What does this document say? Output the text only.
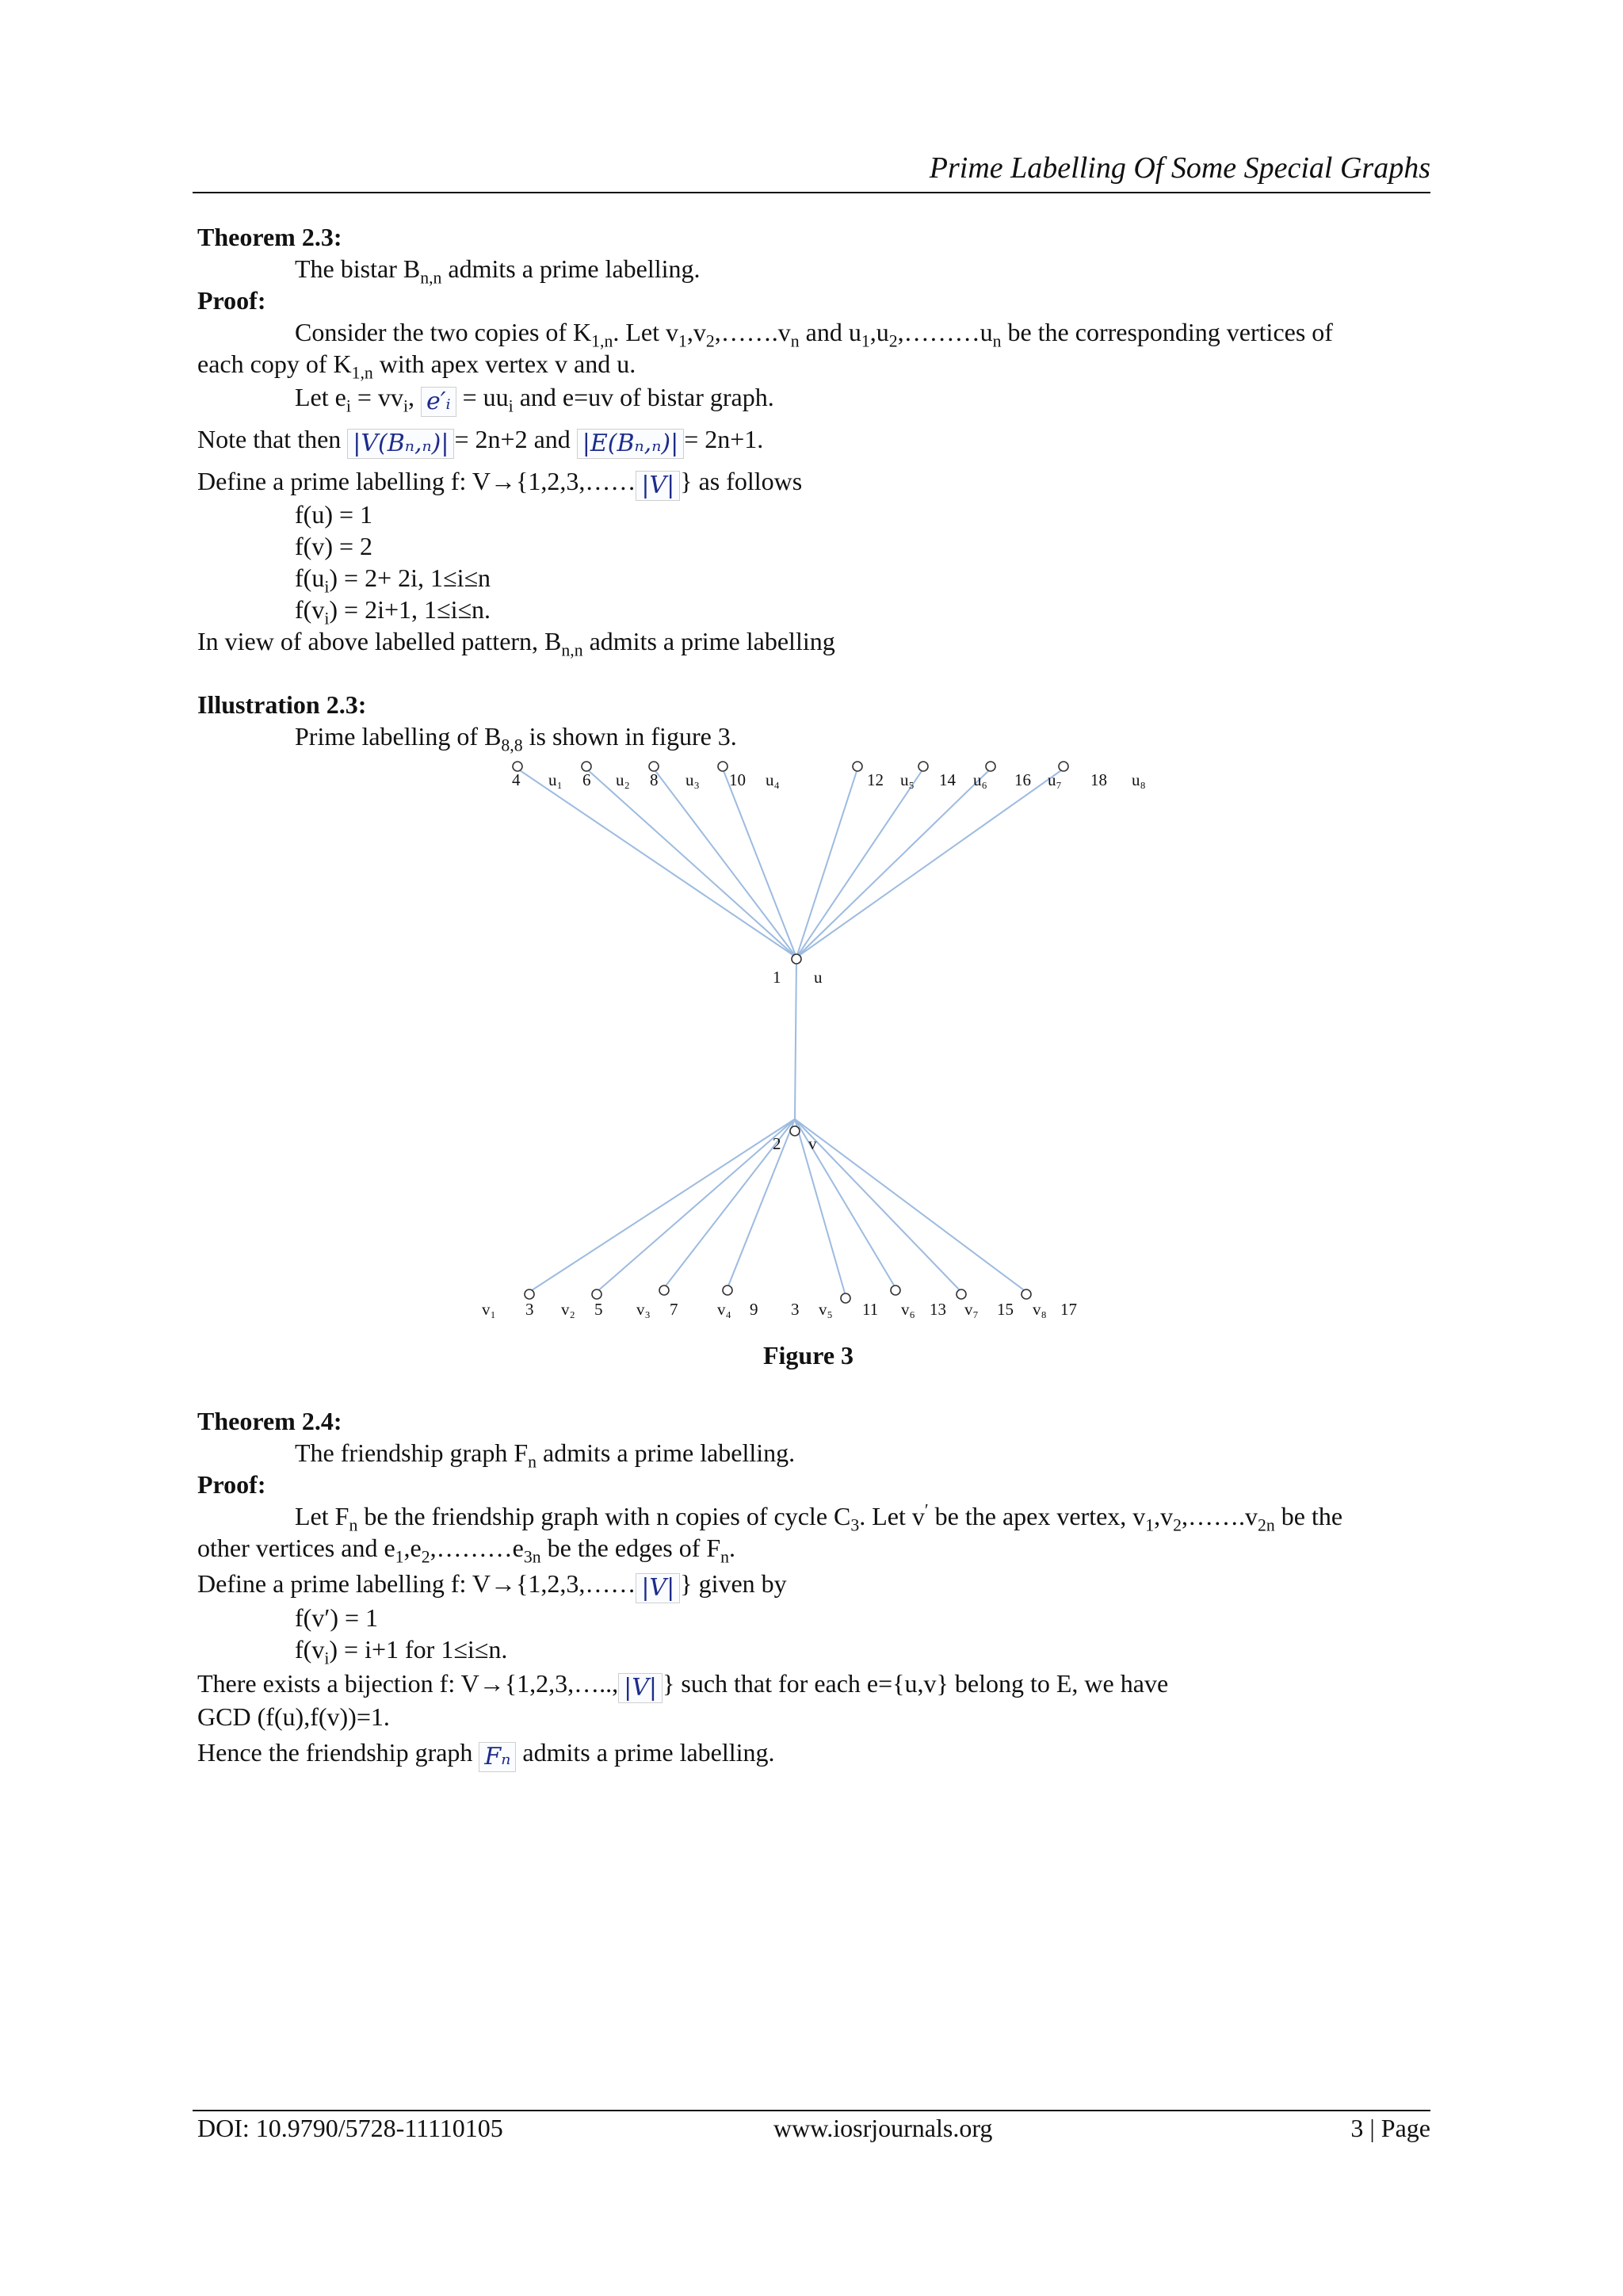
Prime Labelling Of Some Special Graphs
Theorem 2.3:
The bistar $B_{n,n}$ admits a prime labelling.
Proof:
Consider the two copies of $K_{1,n}$. Let $v_1,v_2,\dots\dots.v_n$ and $u_1,u_2,\dots\dots\dots u_n$ be the corresponding vertices of
each copy of $K_{1,n}$ with apex vertex v and u.
Let $e_i = vv_i$, e′ᵢ = $uu_i$ and e=uv of bistar graph.
Note that then |V(Bₙ,ₙ)| = 2n+2 and |E(Bₙ,ₙ)| = 2n+1.
Define a prime labelling f: V→{1,2,3,…… |V| } as follows
f(u) = 1
f(v) = 2
$f(u_i) = 2+ 2i$, 1≤i≤n
$f(v_i) = 2i+1$, 1≤i≤n.
In view of above labelled pattern, $B_{n,n}$ admits a prime labelling
Illustration 2.3:
Prime labelling of $B_{8,8}$ is shown in figure 3.
4 u₁ 6 u₂ 8 u₃ 10 u₄	12 u₅ 14 u₆ 16 u₇ 18 u₈
1 u
2 v
v₁ 3 v₂ 5 v₃ 7 v₄ 9 3 v₅ 11 v₆ 13 v₇ 15 v₈ 17
Figure 3
Theorem 2.4:
The friendship graph $F_n$ admits a prime labelling.
Proof:
Let $F_n$ be the friendship graph with n copies of cycle $C_3$. Let v′ be the apex vertex, $v_1,v_2,\dots\dots.v_{2n}$ be the
other vertices and $e_1,e_2,\dots\dots\dots e_{3n}$ be the edges of $F_n$.
Define a prime labelling f: V→{1,2,3,…… |V| } given by
f(v′) = 1
$f(v_i) = i+1$ for 1≤i≤n.
There exists a bijection f: V→{1,2,3,….., |V| } such that for each e={u,v} belong to E, we have
GCD (f(u),f(v))=1.
Hence the friendship graph Fₙ admits a prime labelling.
DOI: 10.9790/5728-11110105	www.iosrjournals.org	3 | Page
